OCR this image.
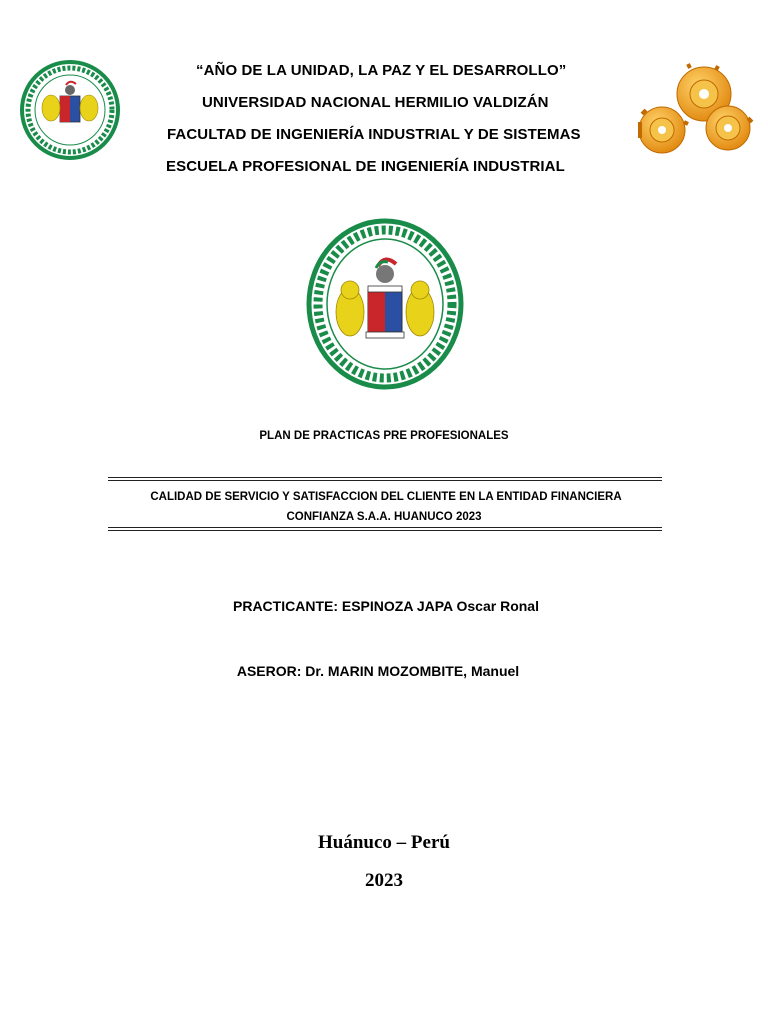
“AÑO DE LA UNIDAD, LA PAZ Y EL DESARROLLO”
UNIVERSIDAD NACIONAL HERMILIO VALDIZÁN
FACULTAD DE INGENIERÍA INDUSTRIAL Y DE SISTEMAS
ESCUELA PROFESIONAL DE INGENIERÍA INDUSTRIAL
PLAN DE PRACTICAS PRE PROFESIONALES
CALIDAD DE SERVICIO Y SATISFACCION DEL CLIENTE EN LA ENTIDAD FINANCIERA
CONFIANZA S.A.A. HUANUCO 2023
PRACTICANTE: ESPINOZA JAPA Oscar Ronal
ASEROR: Dr. MARIN MOZOMBITE, Manuel
Huánuco – Perú
2023
